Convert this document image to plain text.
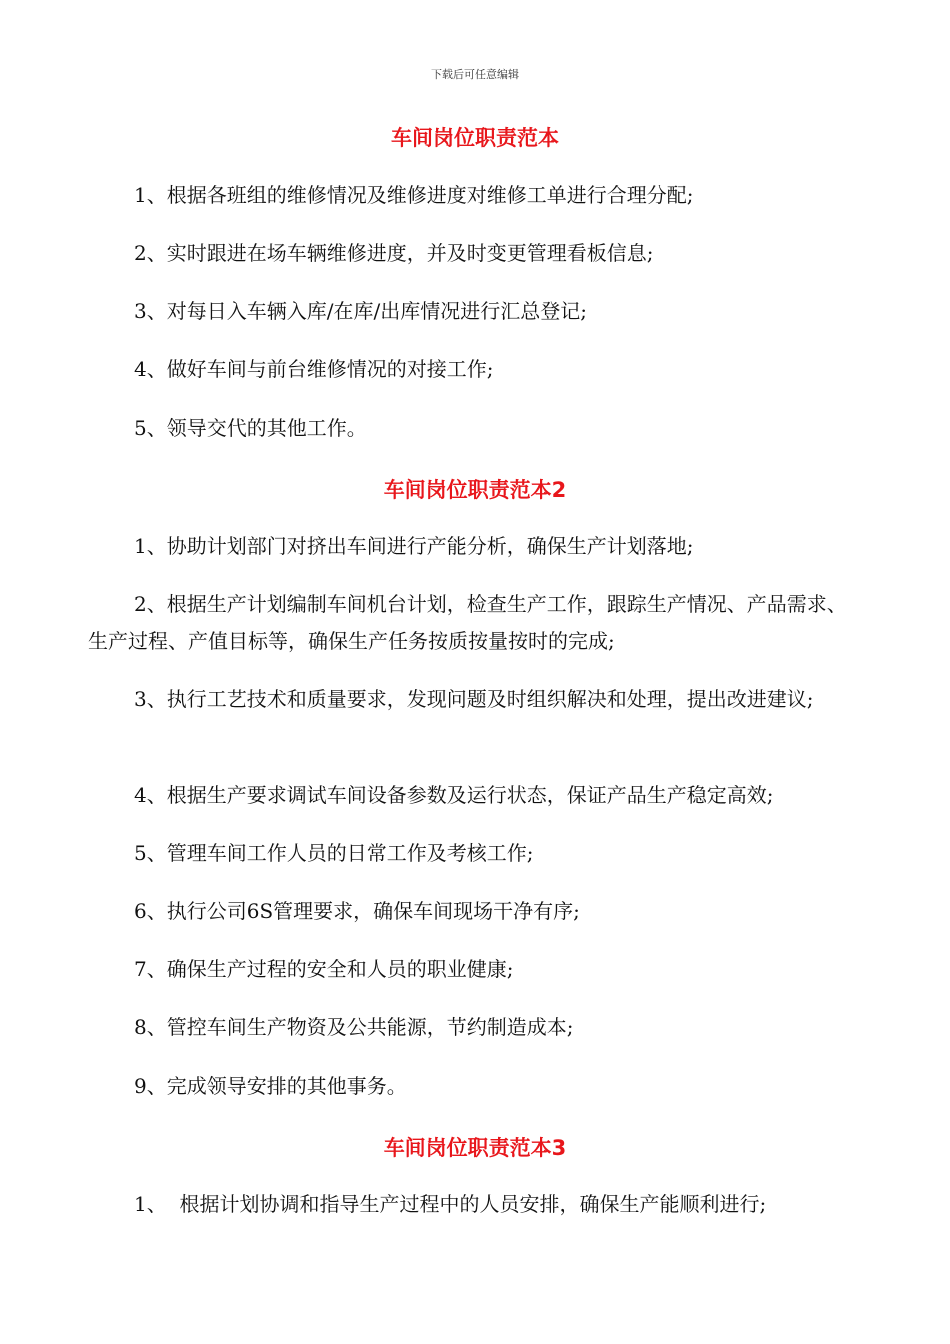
下载后可任意编辑
车间岗位职责范本
1、根据各班组的维修情况及维修进度对维修工单进行合理分配;
2、实时跟进在场车辆维修进度，并及时变更管理看板信息;
3、对每日入车辆入库/在库/出库情况进行汇总登记;
4、做好车间与前台维修情况的对接工作;
5、领导交代的其他工作。
车间岗位职责范本2
1、协助计划部门对挤出车间进行产能分析，确保生产计划落地;
2、根据生产计划编制车间机台计划，检查生产工作，跟踪生产情况、产品需求、生产过程、产值目标等，确保生产任务按质按量按时的完成;
3、执行工艺技术和质量要求，发现问题及时组织解决和处理，提出改进建议;
4、根据生产要求调试车间设备参数及运行状态，保证产品生产稳定高效;
5、管理车间工作人员的日常工作及考核工作;
6、执行公司6S管理要求，确保车间现场干净有序;
7、确保生产过程的安全和人员的职业健康;
8、管控车间生产物资及公共能源，节约制造成本;
9、完成领导安排的其他事务。
车间岗位职责范本3
1、  根据计划协调和指导生产过程中的人员安排，确保生产能顺利进行;
